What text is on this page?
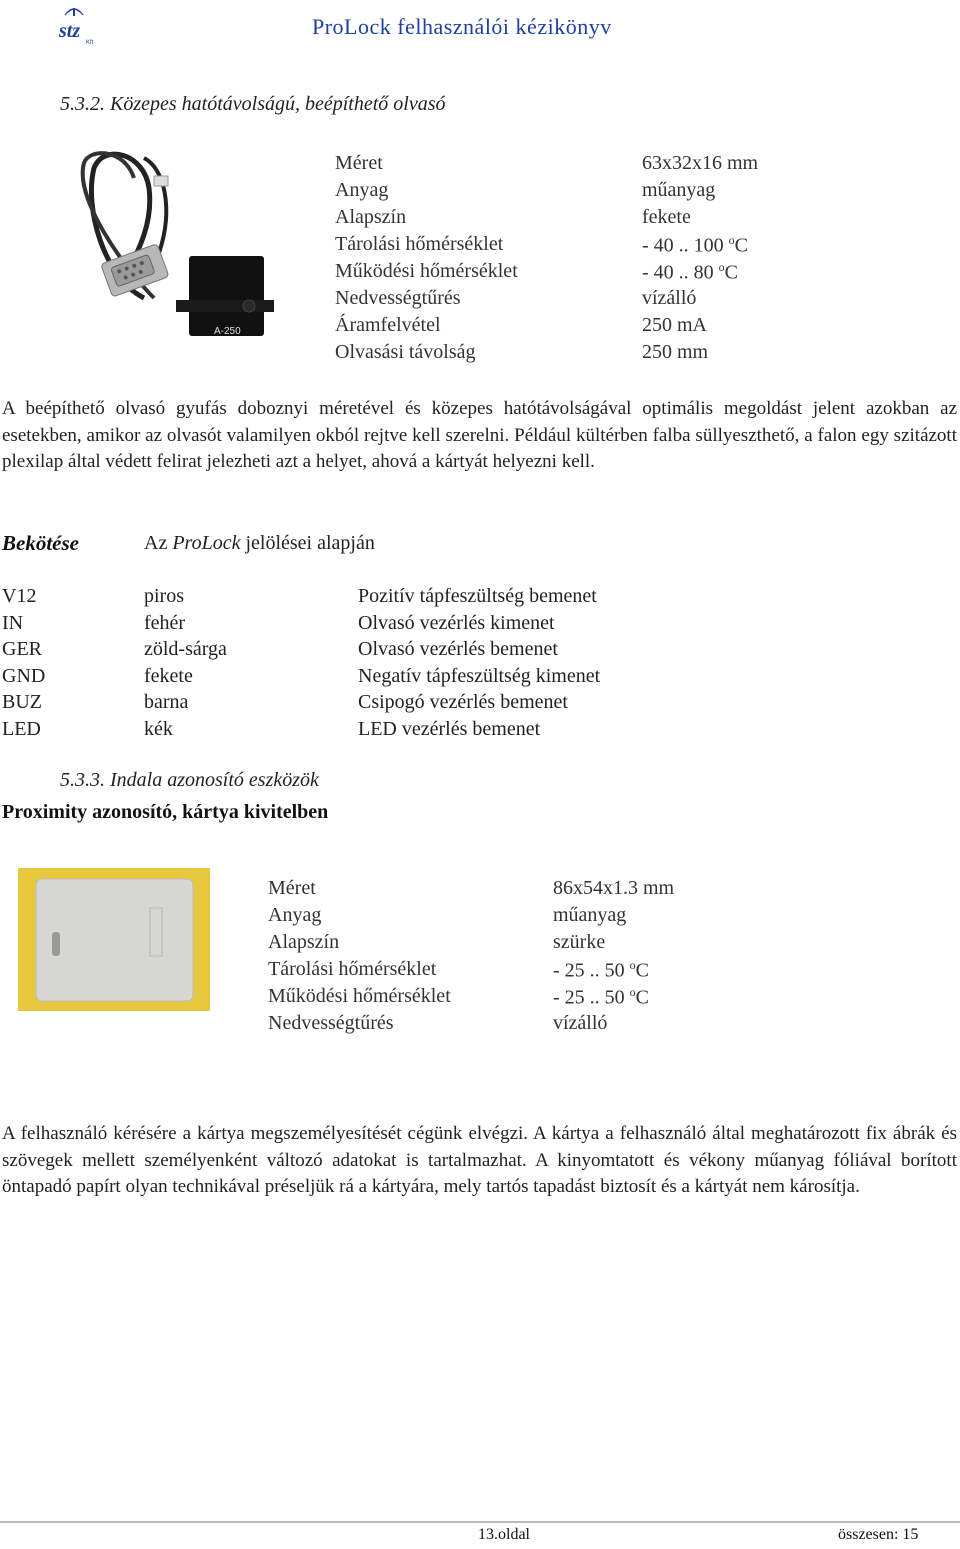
stz
Kft
ProLock felhasználói kézikönyv
5.3.2. Közepes hatótávolságú, beépíthető olvasó
A-250
Méret	63x32x16 mm
Anyag	műanyag
Alapszín	fekete
Tárolási hőmérséklet	- 40 .. 100 $^o$C
Működési hőmérséklet	- 40 .. 80 $^o$C
Nedvességtűrés	vízálló
Áramfelvétel	250 mA
Olvasási távolság	250 mm
A beépíthető olvasó gyufás doboznyi méretével és közepes hatótávolságával optimális megoldást jelent azokban az esetekben, amikor az olvasót valamilyen okból rejtve kell szerelni. Például kültérben falba süllyeszthető, a falon egy szitázott plexilap által védett felirat jelezheti azt a helyet, ahová a kártyát helyezni kell.
Bekötése	Az ProLock jelölései alapján
V12	piros	Pozitív tápfeszültség bemenet
IN	fehér	Olvasó vezérlés kimenet
GER	zöld-sárga	Olvasó vezérlés bemenet
GND	fekete	Negatív tápfeszültség kimenet
BUZ	barna	Csipogó vezérlés bemenet
LED	kék	LED vezérlés bemenet
5.3.3. Indala azonosító eszközök
Proximity azonosító, kártya kivitelben
Méret	86x54x1.3 mm
Anyag	műanyag
Alapszín	szürke
Tárolási hőmérséklet	- 25 .. 50 $^o$C
Működési hőmérséklet	- 25 .. 50 $^o$C
Nedvességtűrés	vízálló
A felhasználó kérésére a kártya megszemélyesítését cégünk elvégzi. A kártya a felhasználó által meghatározott fix ábrák és szövegek mellett személyenként változó adatokat is tartalmazhat. A kinyomtatott és vékony műanyag fóliával borított öntapadó papírt olyan technikával préseljük rá a kártyára, mely tartós tapadást biztosít és a kártyát nem károsítja.
13.oldal	összesen: 15
